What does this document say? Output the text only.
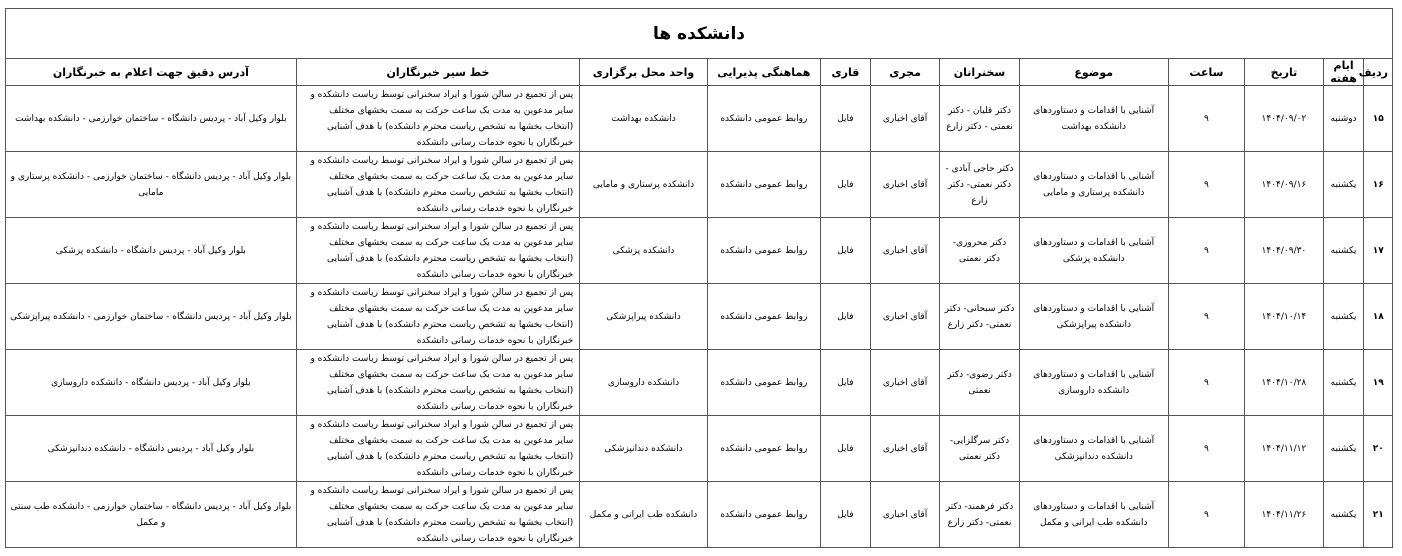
دانشکده ها											
ردیف	ایام هفته	تاریخ	ساعت	موضوع	سخنرانان	مجری	قاری	هماهنگی پذیرایی	واحد محل برگزاری	خط سیر خبرنگاران	آدرس دقیق جهت اعلام به خبرنگاران
۱۵	دوشنبه	۱۴۰۴/۰۹/۰۲	۹	آشنایی با اقدامات و دستاوردهای دانشکده بهداشت	دکتر قلیان - دکتر نعمتی - دکتر زارع	آقای اخباری	فایل	روابط عمومی دانشکده	دانشکده بهداشت	پس از تجمیع در سالن شورا و ایراد سخنرانی توسط ریاست دانشکده و سایر مدعوین به مدت یک ساعت حرکت به سمت بخشهای مختلف (انتخاب بخشها به تشخص ریاست محترم دانشکده) با هدف آشنایی خبرنگاران با نحوه خدمات رسانی دانشکده	بلوار وکیل آباد - پردیس دانشگاه - ساختمان خوارزمی - دانشکده بهداشت
۱۶	یکشنبه	۱۴۰۴/۰۹/۱۶	۹	آشنایی با اقدامات و دستاوردهای دانشکده پرستاری و مامایی	دکتر حاجی آبادی - دکتر نعمتی- دکتر زارع	آقای اخباری	فایل	روابط عمومی دانشکده	دانشکده پرستاری و مامایی	پس از تجمیع در سالن شورا و ایراد سخنرانی توسط ریاست دانشکده و سایر مدعوین به مدت یک ساعت حرکت به سمت بخشهای مختلف (انتخاب بخشها به تشخص ریاست محترم دانشکده) با هدف آشنایی خبرنگاران با نحوه خدمات رسانی دانشکده	بلوار وکیل آباد - پردیس دانشگاه - ساختمان خوارزمی - دانشکده پرستاری و مامایی
۱۷	یکشنبه	۱۴۰۴/۰۹/۳۰	۹	آشنایی با اقدامات و دستاوردهای دانشکده پزشکی	دکتر محروری- دکتر نعمتی	آقای اخباری	فایل	روابط عمومی دانشکده	دانشکده پزشکی	پس از تجمیع در سالن شورا و ایراد سخنرانی توسط ریاست دانشکده و سایر مدعوین به مدت یک ساعت حرکت به سمت بخشهای مختلف (انتخاب بخشها به تشخص ریاست محترم دانشکده) با هدف آشنایی خبرنگاران با نحوه خدمات رسانی دانشکده	بلوار وکیل آباد - پردیس دانشگاه - دانشکده پزشکی
۱۸	یکشنبه	۱۴۰۴/۱۰/۱۴	۹	آشنایی با اقدامات و دستاوردهای دانشکده پیراپزشکی	دکتر سبحانی- دکتر نعمتی- دکتر زارع	آقای اخباری	فایل	روابط عمومی دانشکده	دانشکده پیراپزشکی	پس از تجمیع در سالن شورا و ایراد سخنرانی توسط ریاست دانشکده و سایر مدعوین به مدت یک ساعت حرکت به سمت بخشهای مختلف (انتخاب بخشها به تشخص ریاست محترم دانشکده) با هدف آشنایی خبرنگاران با نحوه خدمات رسانی دانشکده	بلوار وکیل آباد - پردیس دانشگاه - ساختمان خوارزمی - دانشکده پیراپزشکی
۱۹	یکشنبه	۱۴۰۴/۱۰/۲۸	۹	آشنایی با اقدامات و دستاوردهای دانشکده داروسازی	دکتر رضوی- دکتر نعمتی	آقای اخباری	فایل	روابط عمومی دانشکده	دانشکده داروسازی	پس از تجمیع در سالن شورا و ایراد سخنرانی توسط ریاست دانشکده و سایر مدعوین به مدت یک ساعت حرکت به سمت بخشهای مختلف (انتخاب بخشها به تشخص ریاست محترم دانشکده) با هدف آشنایی خبرنگاران با نحوه خدمات رسانی دانشکده	بلوار وکیل آباد - پردیس دانشگاه - دانشکده داروسازی
۲۰	یکشنبه	۱۴۰۴/۱۱/۱۲	۹	آشنایی با اقدامات و دستاوردهای دانشکده دندانپزشکی	دکتر سرگلزایی- دکتر نعمتی	آقای اخباری	فایل	روابط عمومی دانشکده	دانشکده دندانپزشکی	پس از تجمیع در سالن شورا و ایراد سخنرانی توسط ریاست دانشکده و سایر مدعوین به مدت یک ساعت حرکت به سمت بخشهای مختلف (انتخاب بخشها به تشخص ریاست محترم دانشکده) با هدف آشنایی خبرنگاران با نحوه خدمات رسانی دانشکده	بلوار وکیل آباد - پردیس دانشگاه - دانشکده دندانپزشکی
۲۱	یکشنبه	۱۴۰۴/۱۱/۲۶	۹	آشنایی با اقدامات و دستاوردهای دانشکده طب ایرانی و مکمل	دکتر فرهمند- دکتر نعمتی- دکتر زارع	آقای اخباری	فایل	روابط عمومی دانشکده	دانشکده طب ایرانی و مکمل	پس از تجمیع در سالن شورا و ایراد سخنرانی توسط ریاست دانشکده و سایر مدعوین به مدت یک ساعت حرکت به سمت بخشهای مختلف (انتخاب بخشها به تشخص ریاست محترم دانشکده) با هدف آشنایی خبرنگاران با نحوه خدمات رسانی دانشکده	بلوار وکیل آباد - پردیس دانشگاه - ساختمان خوارزمی - دانشکده طب سنتی و مکمل
